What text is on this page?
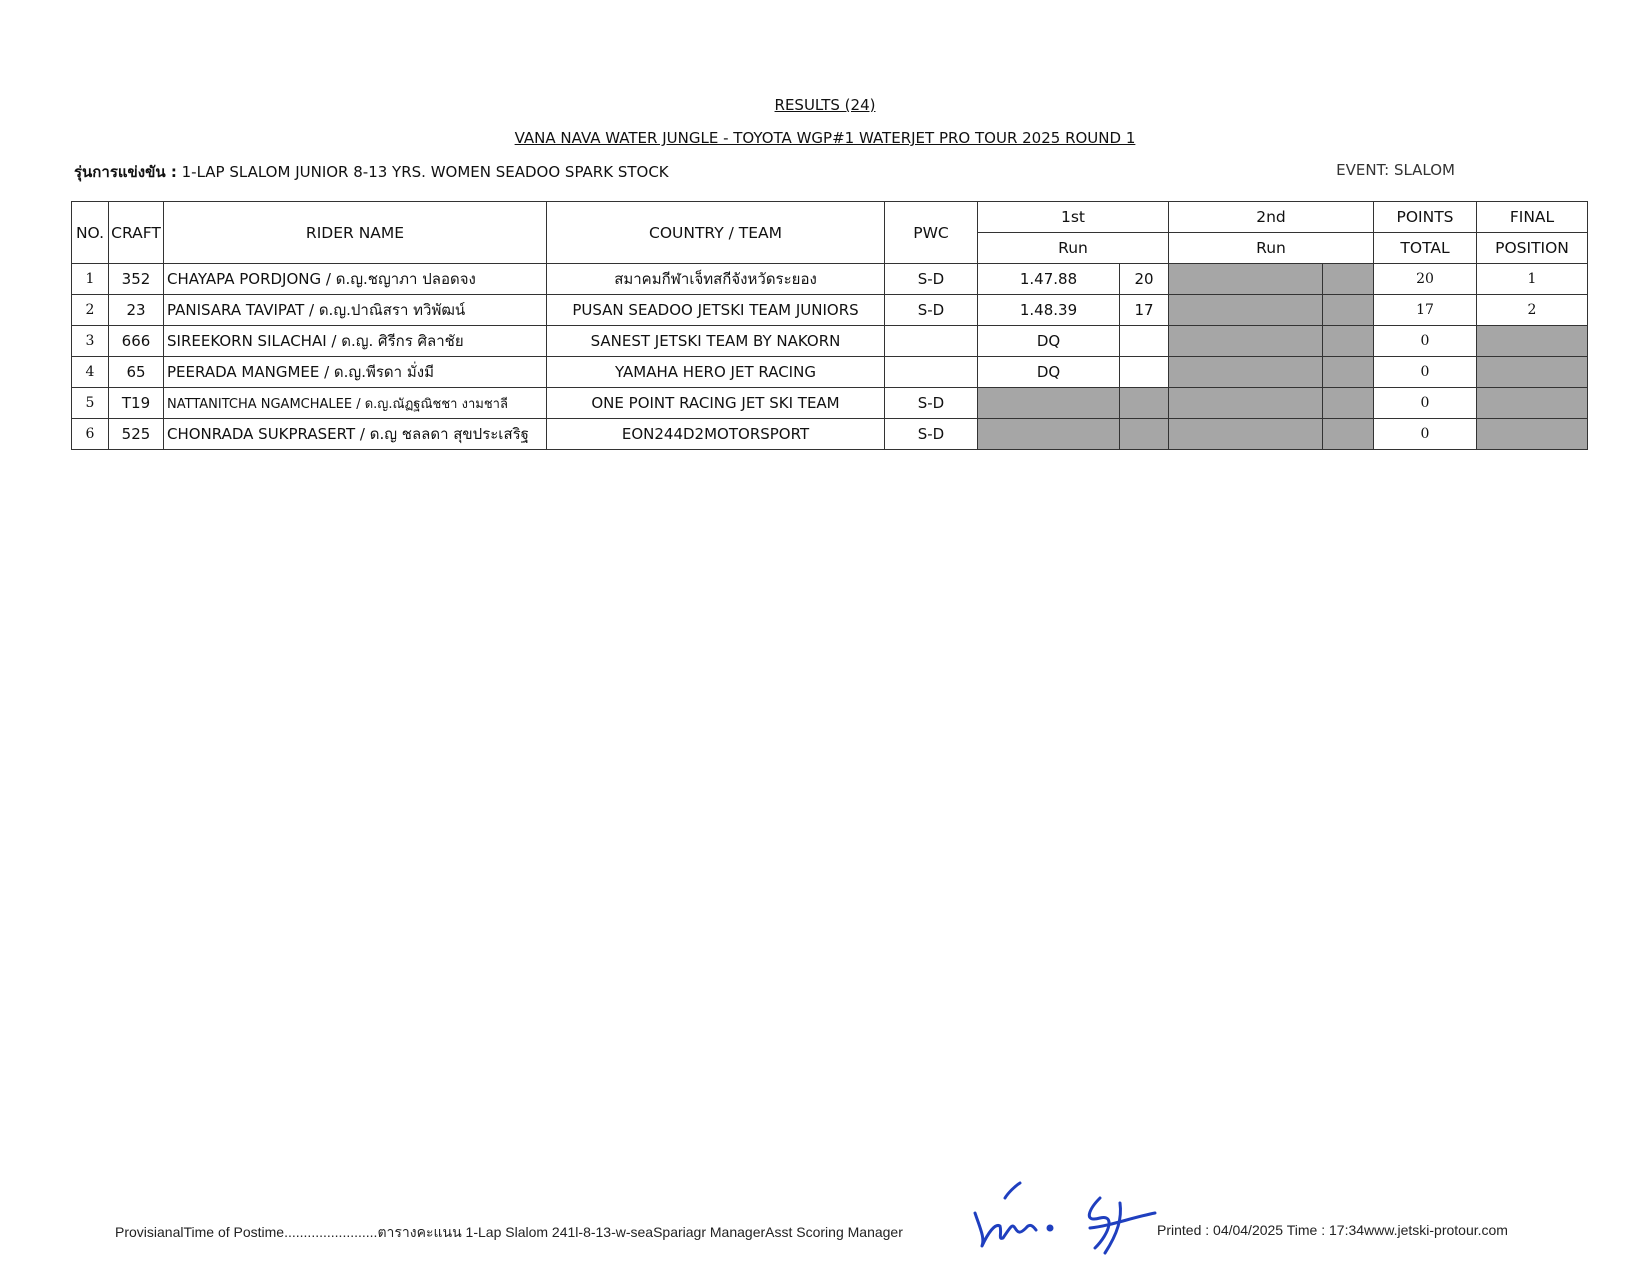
RESULTS (24)
VANA NAVA WATER JUNGLE - TOYOTA WGP#1 WATERJET PRO TOUR 2025 ROUND 1
รุ่นการแข่งขัน : 1-LAP SLALOM JUNIOR 8-13 YRS. WOMEN SEADOO SPARK STOCK	EVENT: SLALOM
NO.	CRAFT	RIDER NAME	COUNTRY / TEAM	PWC	1st		2nd		POINTS	FINAL
					Run		Run		TOTAL	POSITION
1	352	CHAYAPA PORDJONG / ด.ญ.ชญาภา ปลอดจง	สมาคมกีฬาเจ็ทสกีจังหวัดระยอง	S-D	1.47.88	20			20	1
2	23	PANISARA TAVIPAT / ด.ญ.ปาณิสรา ทวิพัฒน์	PUSAN SEADOO JETSKI TEAM JUNIORS	S-D	1.48.39	17			17	2
3	666	SIREEKORN SILACHAI / ด.ญ. ศิรีกร ศิลาชัย	SANEST JETSKI TEAM BY NAKORN		DQ				0	
4	65	PEERADA MANGMEE / ด.ญ.พีรดา มั่งมี	YAMAHA HERO JET RACING		DQ				0	
5	T19	NATTANITCHA NGAMCHALEE / ด.ญ.ณัฏฐณิชชา งามชาลี	ONE POINT RACING JET SKI TEAM	S-D					0	
6	525	CHONRADA SUKPRASERT / ด.ญ ชลลดา สุขประเสริฐ	EON244D2MOTORSPORT	S-D					0	
ProvisianalTime of Postime........................ตารางคะแนน 1-Lap Slalom 241l-8-13-w-seaSpariagr ManagerAsst Scoring Manager	Printed : 04/04/2025 Time : 17:34www.jetski-protour.com
